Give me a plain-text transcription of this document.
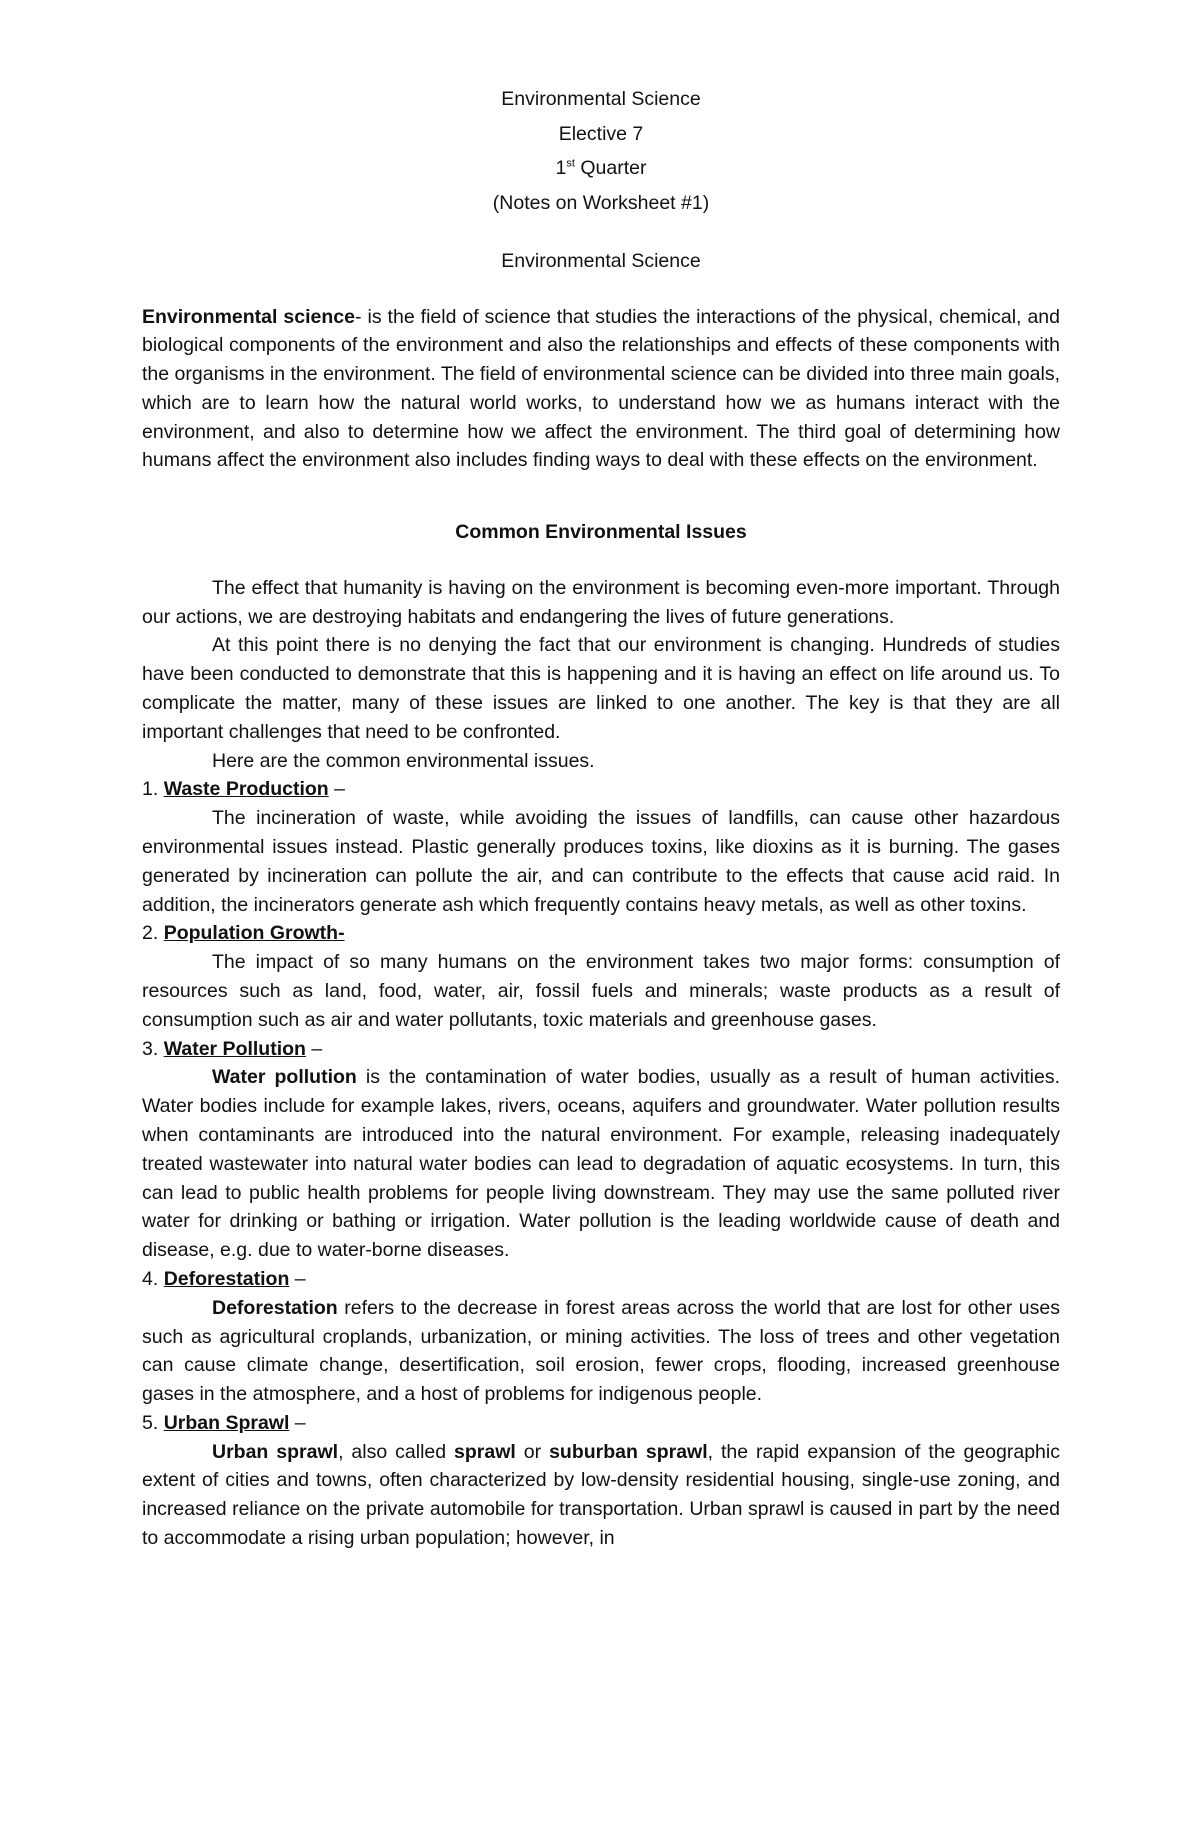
Environmental Science

Elective 7

1st Quarter

(Notes on Worksheet #1)

Environmental Science

Environmental science- is the field of science that studies the interactions of the physical, chemical, and biological components of the environment and also the relationships and effects of these components with the organisms in the environment. The field of environmental science can be divided into three main goals, which are to learn how the natural world works, to understand how we as humans interact with the environment, and also to determine how we affect the environment. The third goal of determining how humans affect the environment also includes finding ways to deal with these effects on the environment.

Common Environmental Issues

The effect that humanity is having on the environment is becoming even-more important. Through our actions, we are destroying habitats and endangering the lives of future generations.

At this point there is no denying the fact that our environment is changing. Hundreds of studies have been conducted to demonstrate that this is happening and it is having an effect on life around us. To complicate the matter, many of these issues are linked to one another. The key is that they are all important challenges that need to be confronted.

Here are the common environmental issues.

1. Waste Production –

The incineration of waste, while avoiding the issues of landfills, can cause other hazardous environmental issues instead. Plastic generally produces toxins, like dioxins as it is burning. The gases generated by incineration can pollute the air, and can contribute to the effects that cause acid raid. In addition, the incinerators generate ash which frequently contains heavy metals, as well as other toxins.

2. Population Growth-

The impact of so many humans on the environment takes two major forms: consumption of resources such as land, food, water, air, fossil fuels and minerals; waste products as a result of consumption such as air and water pollutants, toxic materials and greenhouse gases.

3. Water Pollution –

Water pollution is the contamination of water bodies, usually as a result of human activities. Water bodies include for example lakes, rivers, oceans, aquifers and groundwater. Water pollution results when contaminants are introduced into the natural environment. For example, releasing inadequately treated wastewater into natural water bodies can lead to degradation of aquatic ecosystems. In turn, this can lead to public health problems for people living downstream. They may use the same polluted river water for drinking or bathing or irrigation. Water pollution is the leading worldwide cause of death and disease, e.g. due to water-borne diseases.

4. Deforestation –

Deforestation refers to the decrease in forest areas across the world that are lost for other uses such as agricultural croplands, urbanization, or mining activities. The loss of trees and other vegetation can cause climate change, desertification, soil erosion, fewer crops, flooding, increased greenhouse gases in the atmosphere, and a host of problems for indigenous people.

5. Urban Sprawl –

Urban sprawl, also called sprawl or suburban sprawl, the rapid expansion of the geographic extent of cities and towns, often characterized by low-density residential housing, single-use zoning, and increased reliance on the private automobile for transportation. Urban sprawl is caused in part by the need to accommodate a rising urban population; however, in
